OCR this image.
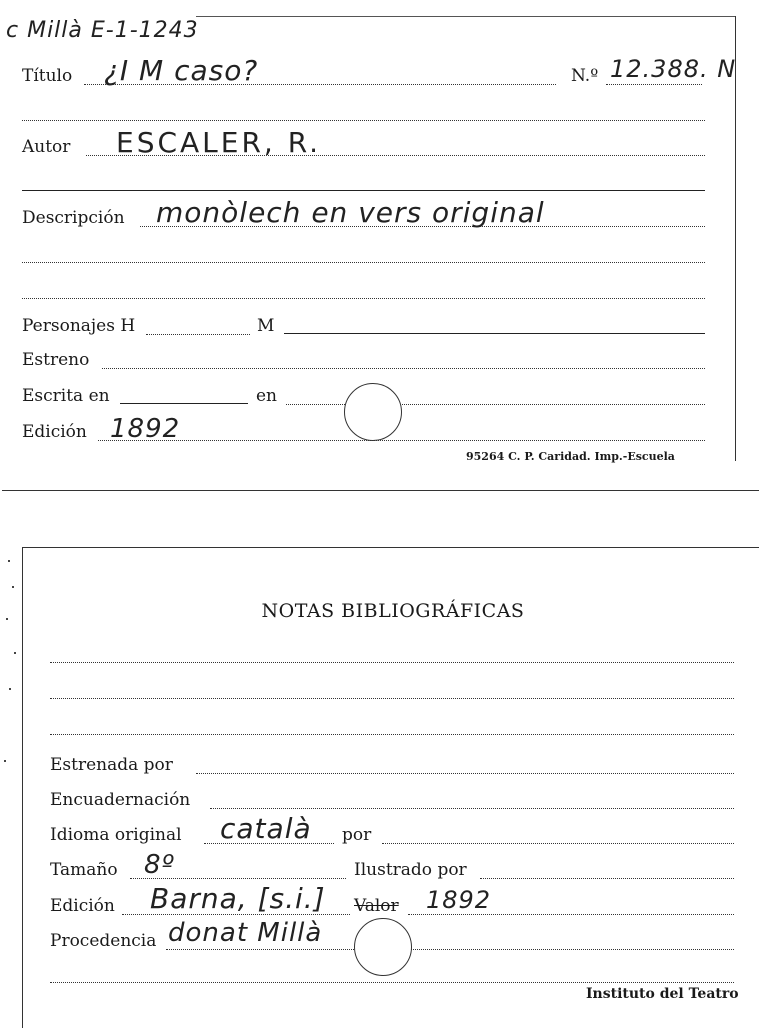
c Millà E-1-1243
Título ¿I M caso?	N.º 12.388. N
Autor ESCALER, R.
Descripción monòlech en vers original
Personajes H	M
Estreno
Escrita en	en
Edición 1892
95264 C. P. Caridad. Imp.-Escuela
NOTAS BIBLIOGRÁFICAS
Estrenada por
Encuadernación
Idioma original català por
Tamaño 8º	Ilustrado por
Edición Barna, [s.i.] Valor 1892
Procedencia donat Millà
Instituto del Teatro
